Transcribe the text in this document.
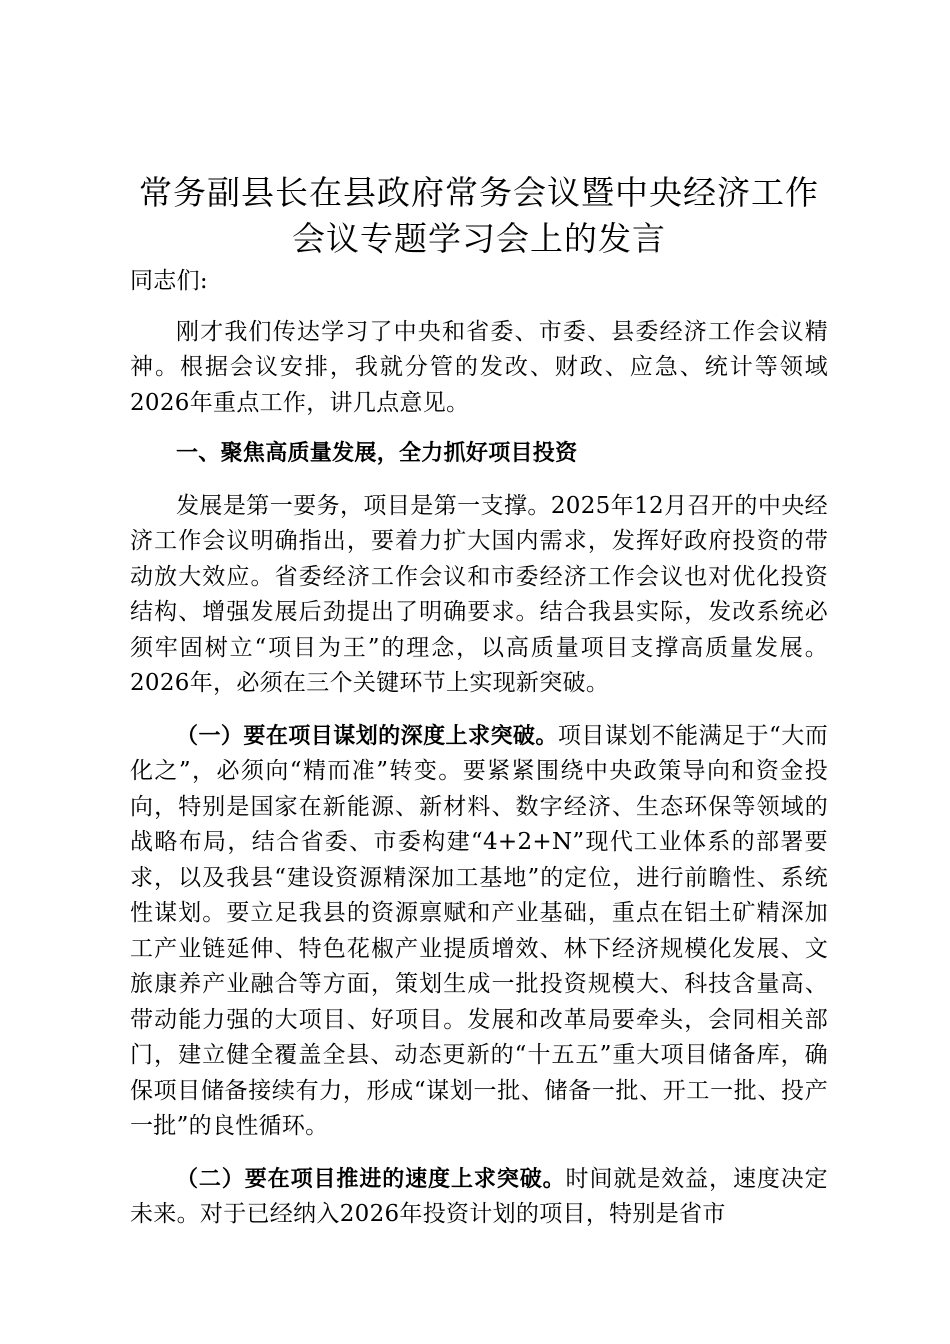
常务副县长在县政府常务会议暨中央经济工作
会议专题学习会上的发言

同志们:

刚才我们传达学习了中央和省委、市委、县委经济工作会议精神。根据会议安排，我就分管的发改、财政、应急、统计等领域2026年重点工作，讲几点意见。

一、聚焦高质量发展，全力抓好项目投资

发展是第一要务，项目是第一支撑。2025年12月召开的中央经济工作会议明确指出，要着力扩大国内需求，发挥好政府投资的带动放大效应。省委经济工作会议和市委经济工作会议也对优化投资结构、增强发展后劲提出了明确要求。结合我县实际，发改系统必须牢固树立“项目为王”的理念，以高质量项目支撑高质量发展。2026年，必须在三个关键环节上实现新突破。

（一）要在项目谋划的深度上求突破。项目谋划不能满足于“大而化之”，必须向“精而准”转变。要紧紧围绕中央政策导向和资金投向，特别是国家在新能源、新材料、数字经济、生态环保等领域的战略布局，结合省委、市委构建“4+2+N”现代工业体系的部署要求，以及我县“建设资源精深加工基地”的定位，进行前瞻性、系统性谋划。要立足我县的资源禀赋和产业基础，重点在铝土矿精深加工产业链延伸、特色花椒产业提质增效、林下经济规模化发展、文旅康养产业融合等方面，策划生成一批投资规模大、科技含量高、带动能力强的大项目、好项目。发展和改革局要牵头，会同相关部门，建立健全覆盖全县、动态更新的“十五五”重大项目储备库，确保项目储备接续有力，形成“谋划一批、储备一批、开工一批、投产一批”的良性循环。

（二）要在项目推进的速度上求突破。时间就是效益，速度决定未来。对于已经纳入2026年投资计划的项目，特别是省市
